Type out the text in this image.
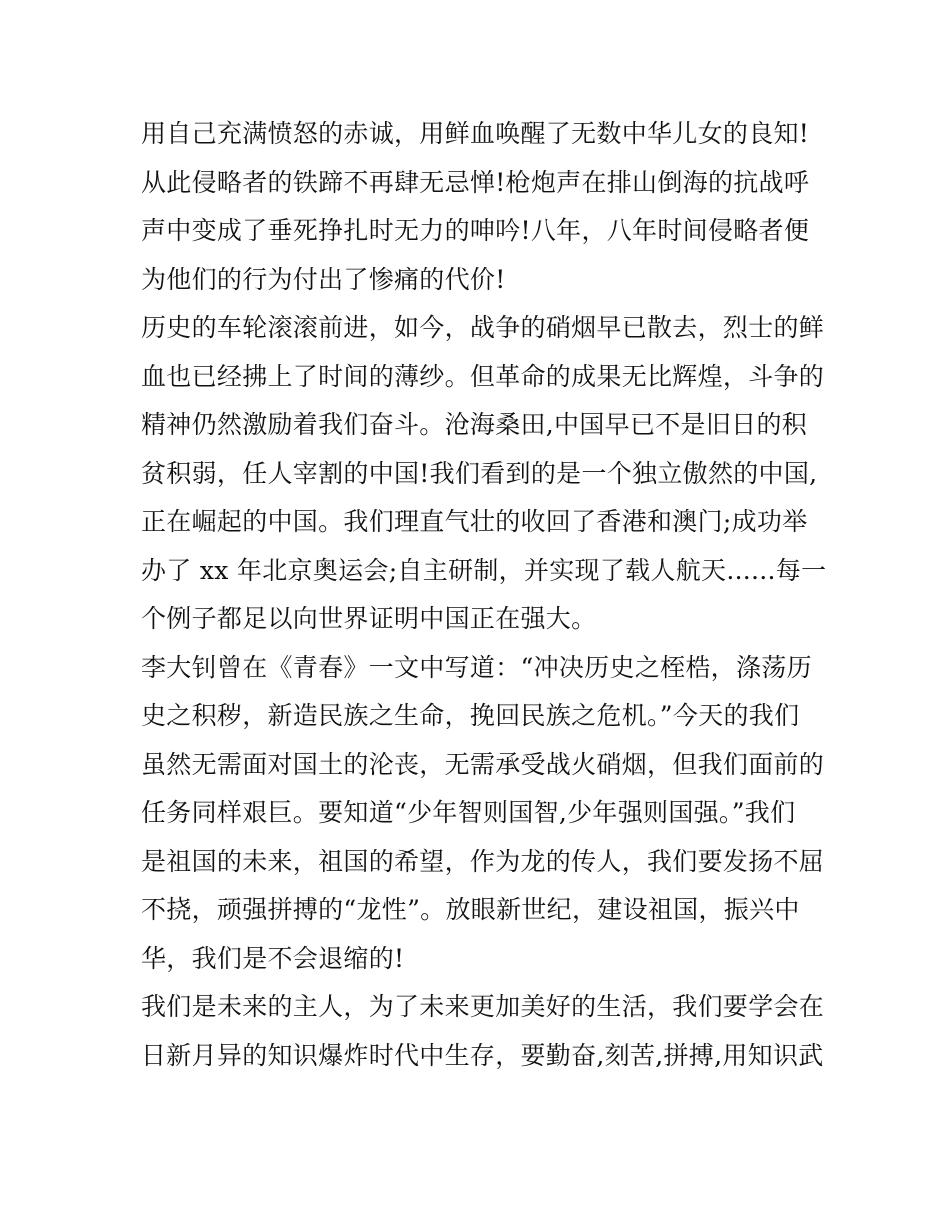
用自己充满愤怒的赤诚，用鲜血唤醒了无数中华儿女的良知!
从此侵略者的铁蹄不再肆无忌惮!枪炮声在排山倒海的抗战呼
声中变成了垂死挣扎时无力的呻吟!八年，八年时间侵略者便
为他们的行为付出了惨痛的代价!
历史的车轮滚滚前进，如今，战争的硝烟早已散去，烈士的鲜
血也已经拂上了时间的薄纱。但革命的成果无比辉煌，斗争的
精神仍然激励着我们奋斗。沧海桑田,中国早已不是旧日的积
贫积弱，任人宰割的中国!我们看到的是一个独立傲然的中国,
正在崛起的中国。我们理直气壮的收回了香港和澳门;成功举
办了 xx 年北京奥运会;自主研制，并实现了载人航天......每一
个例子都足以向世界证明中国正在强大。
李大钊曾在《青春》一文中写道：“冲决历史之桎梏，涤荡历
史之积秽，新造民族之生命，挽回民族之危机。”今天的我们
虽然无需面对国土的沦丧，无需承受战火硝烟，但我们面前的
任务同样艰巨。要知道“少年智则国智,少年强则国强。”我们
是祖国的未来，祖国的希望，作为龙的传人，我们要发扬不屈
不挠，顽强拼搏的“龙性”。放眼新世纪，建设祖国，振兴中
华，我们是不会退缩的!
我们是未来的主人，为了未来更加美好的生活，我们要学会在
日新月异的知识爆炸时代中生存，要勤奋,刻苦,拼搏,用知识武
